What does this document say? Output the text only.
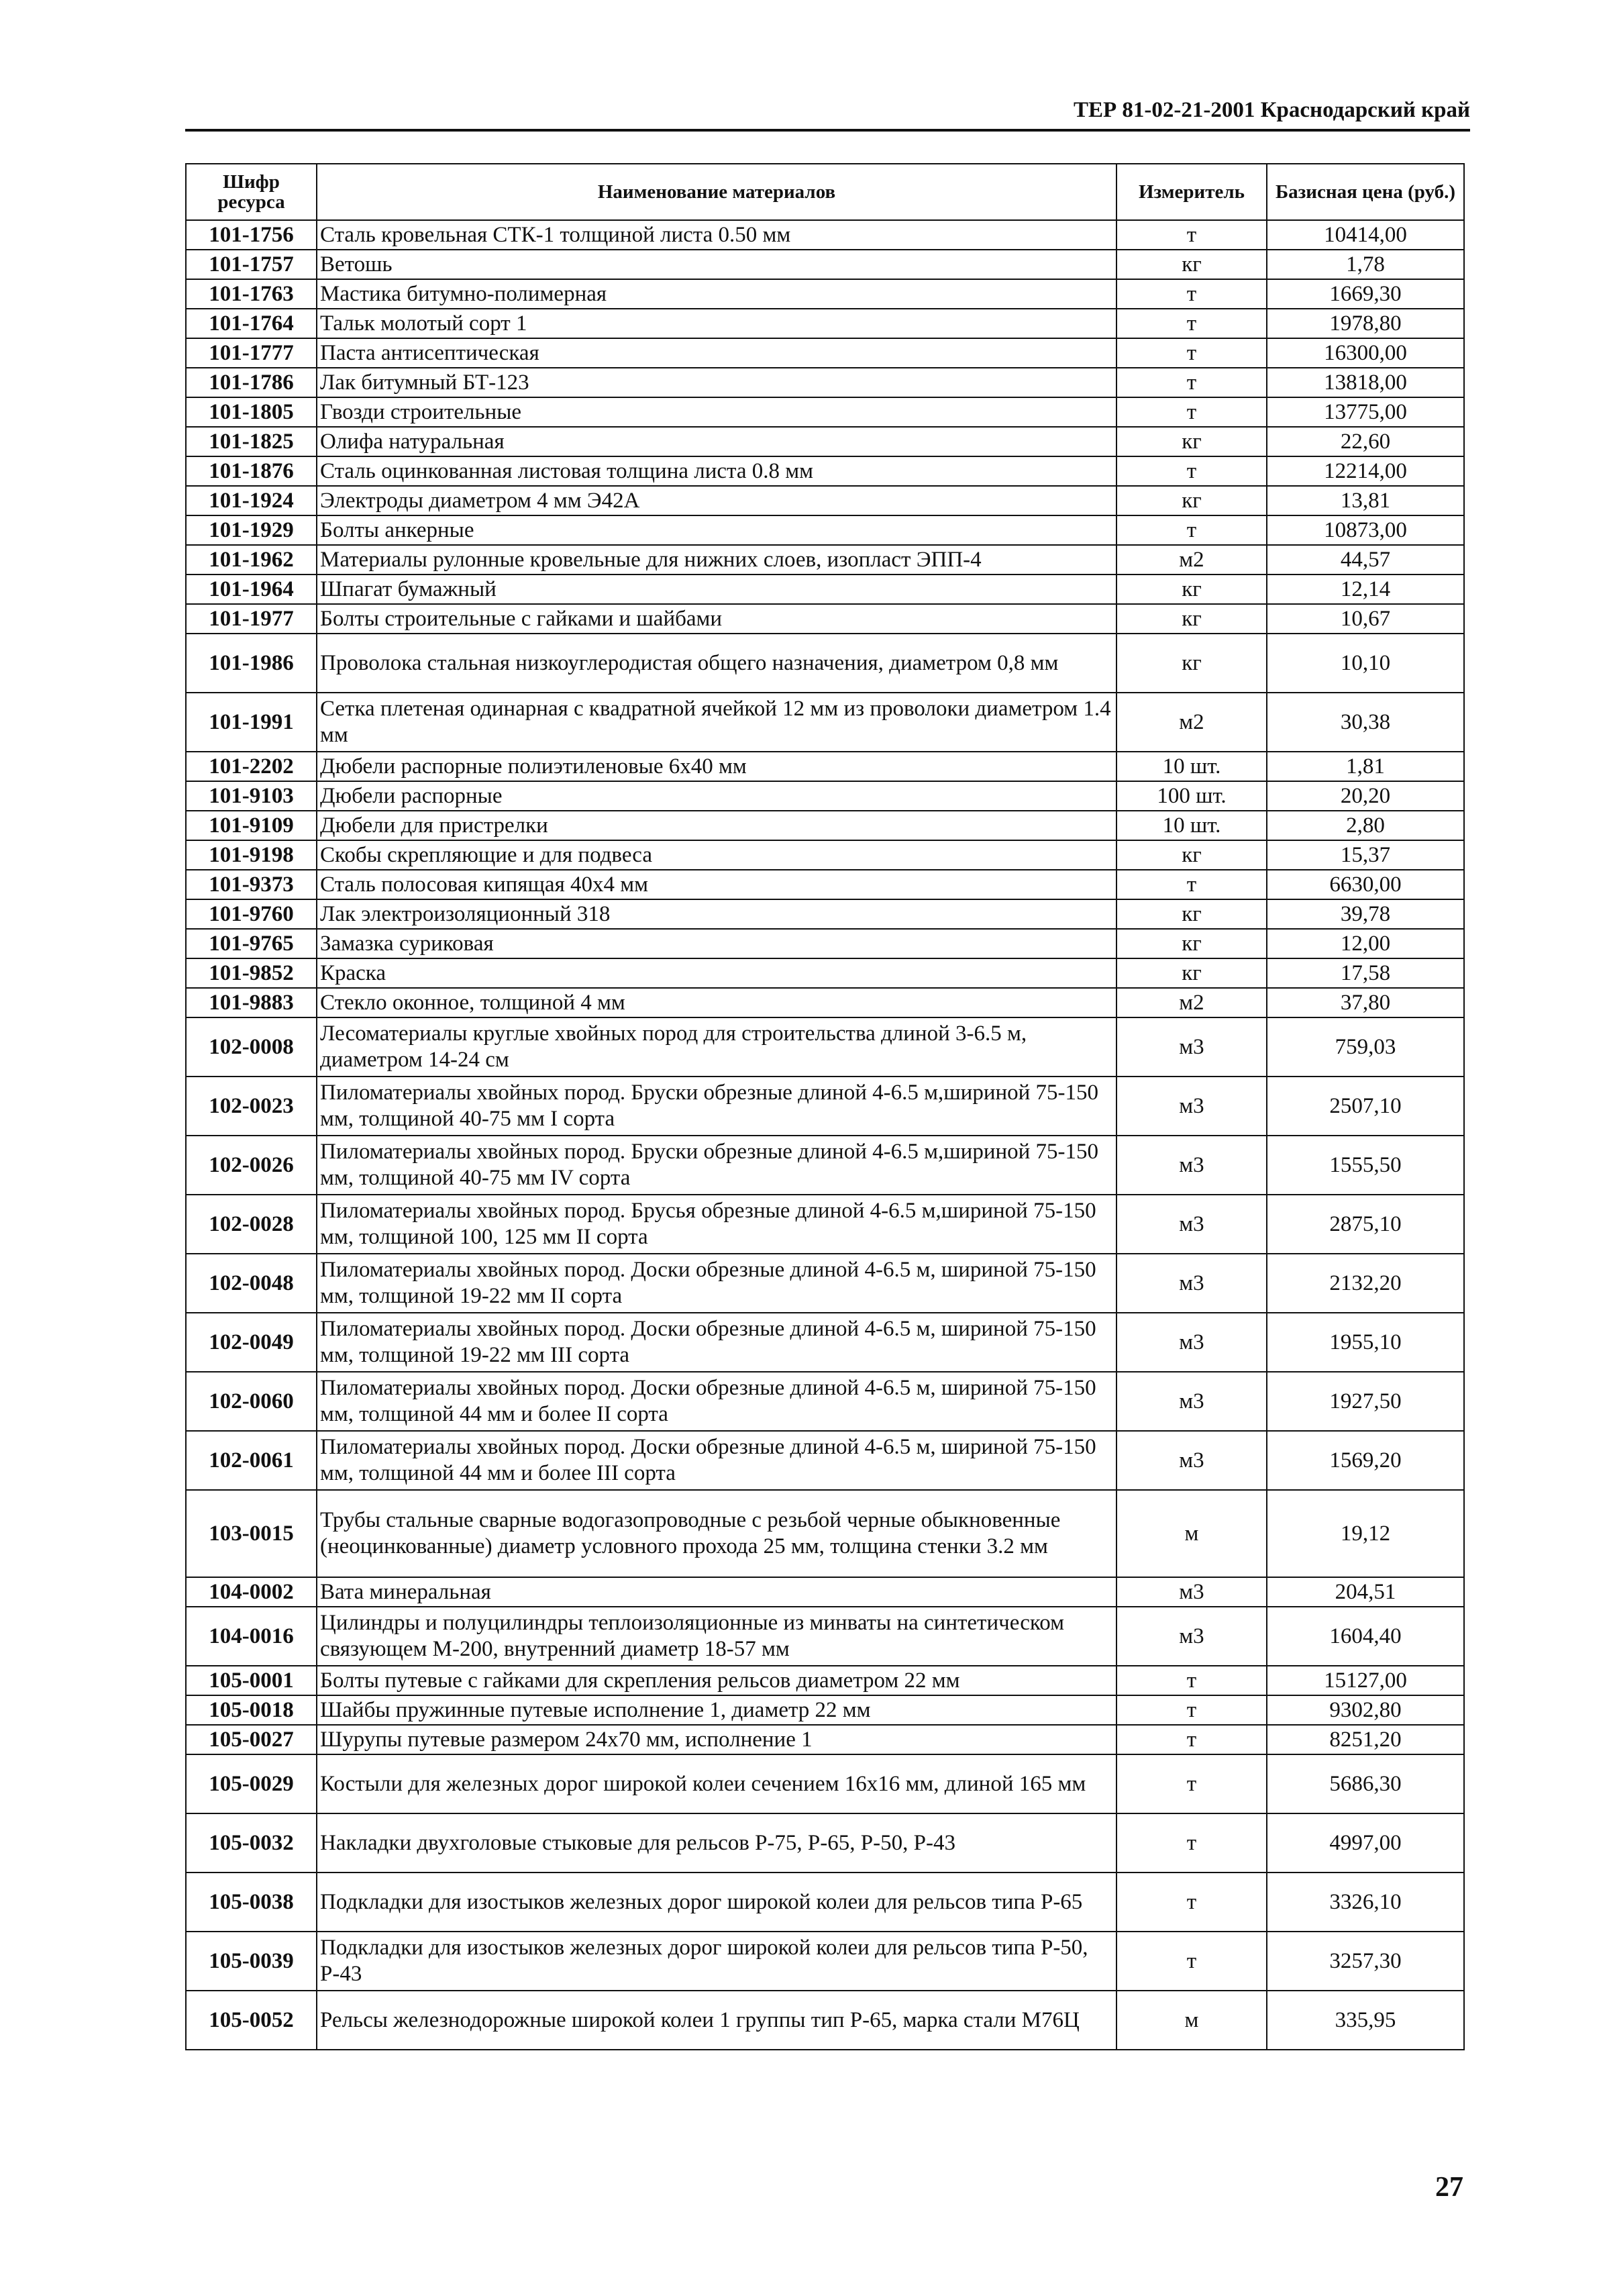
ТЕР 81-02-21-2001 Краснодарский край
Шифр ресурса	Наименование материалов	Измеритель	Базисная цена (руб.)
101-1756	Сталь кровельная СТК-1 толщиной листа 0.50 мм	т	10414,00
101-1757	Ветошь	кг	1,78
101-1763	Мастика битумно-полимерная	т	1669,30
101-1764	Тальк молотый сорт 1	т	1978,80
101-1777	Паста антисептическая	т	16300,00
101-1786	Лак битумный БТ-123	т	13818,00
101-1805	Гвозди строительные	т	13775,00
101-1825	Олифа натуральная	кг	22,60
101-1876	Сталь оцинкованная листовая толщина листа 0.8 мм	т	12214,00
101-1924	Электроды диаметром 4 мм Э42А	кг	13,81
101-1929	Болты анкерные	т	10873,00
101-1962	Материалы рулонные кровельные для нижних слоев, изопласт ЭПП-4	м2	44,57
101-1964	Шпагат бумажный	кг	12,14
101-1977	Болты строительные с гайками и шайбами	кг	10,67
101-1986	Проволока стальная низкоуглеродистая общего назначения, диаметром 0,8 мм	кг	10,10
101-1991	Сетка плетеная одинарная с квадратной ячейкой 12 мм из проволоки диаметром 1.4 мм	м2	30,38
101-2202	Дюбели распорные полиэтиленовые 6х40 мм	10 шт.	1,81
101-9103	Дюбели распорные	100 шт.	20,20
101-9109	Дюбели для пристрелки	10 шт.	2,80
101-9198	Скобы скрепляющие и для подвеса	кг	15,37
101-9373	Сталь полосовая кипящая 40х4 мм	т	6630,00
101-9760	Лак электроизоляционный 318	кг	39,78
101-9765	Замазка суриковая	кг	12,00
101-9852	Краска	кг	17,58
101-9883	Стекло оконное, толщиной 4 мм	м2	37,80
102-0008	Лесоматериалы круглые хвойных пород для строительства длиной 3-6.5 м, диаметром 14-24 см	м3	759,03
102-0023	Пиломатериалы хвойных пород. Бруски обрезные длиной 4-6.5 м,шириной 75-150 мм, толщиной 40-75 мм I сорта	м3	2507,10
102-0026	Пиломатериалы хвойных пород. Бруски обрезные длиной 4-6.5 м,шириной 75-150 мм, толщиной 40-75 мм IV сорта	м3	1555,50
102-0028	Пиломатериалы хвойных пород. Брусья обрезные длиной 4-6.5 м,шириной 75-150 мм, толщиной 100, 125 мм II сорта	м3	2875,10
102-0048	Пиломатериалы хвойных пород. Доски обрезные длиной 4-6.5 м, шириной 75-150 мм, толщиной 19-22 мм II сорта	м3	2132,20
102-0049	Пиломатериалы хвойных пород. Доски обрезные длиной 4-6.5 м, шириной 75-150 мм, толщиной 19-22 мм III сорта	м3	1955,10
102-0060	Пиломатериалы хвойных пород. Доски обрезные длиной 4-6.5 м, шириной 75-150 мм, толщиной 44 мм и более II сорта	м3	1927,50
102-0061	Пиломатериалы хвойных пород. Доски обрезные длиной 4-6.5 м, шириной 75-150 мм, толщиной 44 мм и более III сорта	м3	1569,20
103-0015	Трубы стальные сварные водогазопроводные с резьбой черные обыкновенные (неоцинкованные) диаметр условного прохода 25 мм, толщина стенки 3.2 мм	м	19,12
104-0002	Вата минеральная	м3	204,51
104-0016	Цилиндры и полуцилиндры теплоизоляционные из минваты на синтетическом связующем М-200, внутренний диаметр 18-57 мм	м3	1604,40
105-0001	Болты путевые с гайками для скрепления рельсов диаметром 22 мм	т	15127,00
105-0018	Шайбы пружинные путевые исполнение 1, диаметр 22 мм	т	9302,80
105-0027	Шурупы путевые размером 24х70 мм, исполнение 1	т	8251,20
105-0029	Костыли для железных дорог широкой колеи сечением 16х16 мм, длиной 165 мм	т	5686,30
105-0032	Накладки двухголовые стыковые для рельсов Р-75, Р-65, Р-50, Р-43	т	4997,00
105-0038	Подкладки для изостыков железных дорог широкой колеи для рельсов типа Р-65	т	3326,10
105-0039	Подкладки для изостыков железных дорог широкой колеи для рельсов типа Р-50, Р-43	т	3257,30
105-0052	Рельсы железнодорожные широкой колеи 1 группы тип Р-65, марка стали М76Ц	м	335,95
27
